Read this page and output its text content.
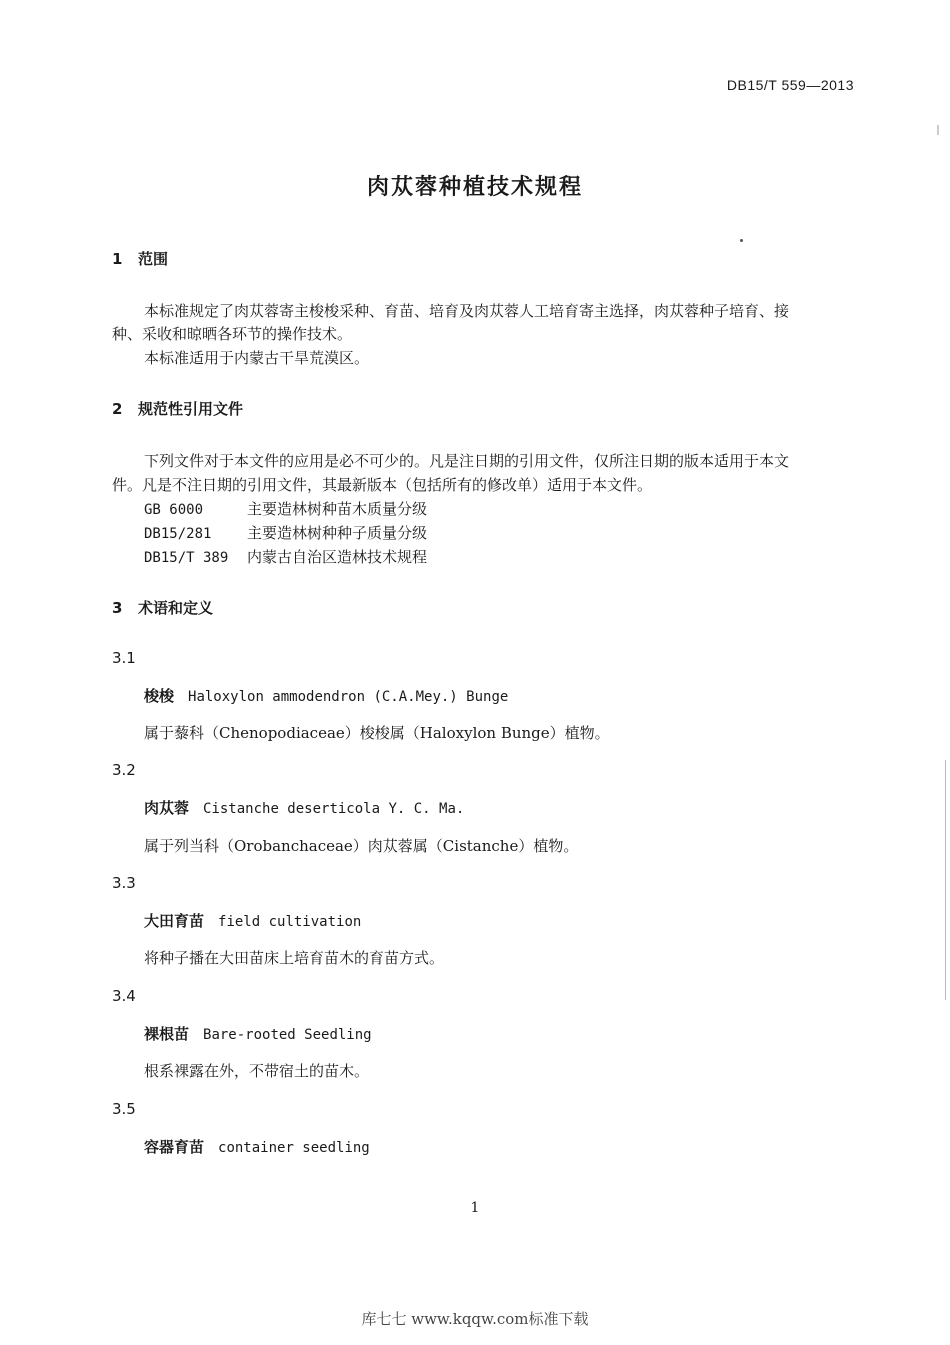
DB15/T 559—2013
肉苁蓉种植技术规程
1 范围
本标准规定了肉苁蓉寄主梭梭采种、育苗、培育及肉苁蓉人工培育寄主选择，肉苁蓉种子培育、接
种、采收和晾晒各环节的操作技术。
本标准适用于内蒙古干旱荒漠区。
2 规范性引用文件
下列文件对于本文件的应用是必不可少的。凡是注日期的引用文件，仅所注日期的版本适用于本文
件。凡是不注日期的引用文件，其最新版本（包括所有的修改单）适用于本文件。
GB 6000	主要造林树种苗木质量分级
DB15/281 主要造林树种种子质量分级
DB15/T 389 内蒙古自治区造林技术规程
3 术语和定义
3.1
梭梭 Haloxylon ammodendron (C.A.Mey.) Bunge
属于藜科（Chenopodiaceae）梭梭属（Haloxylon Bunge）植物。
3.2
肉苁蓉 Cistanche deserticola Y. C. Ma.
属于列当科（Orobanchaceae）肉苁蓉属（Cistanche）植物。
3.3
大田育苗 field cultivation
将种子播在大田苗床上培育苗木的育苗方式。
3.4
裸根苗 Bare-rooted Seedling
根系裸露在外，不带宿土的苗木。
3.5
容器育苗 container seedling
1
库七七 www.kqqw.com标准下载
